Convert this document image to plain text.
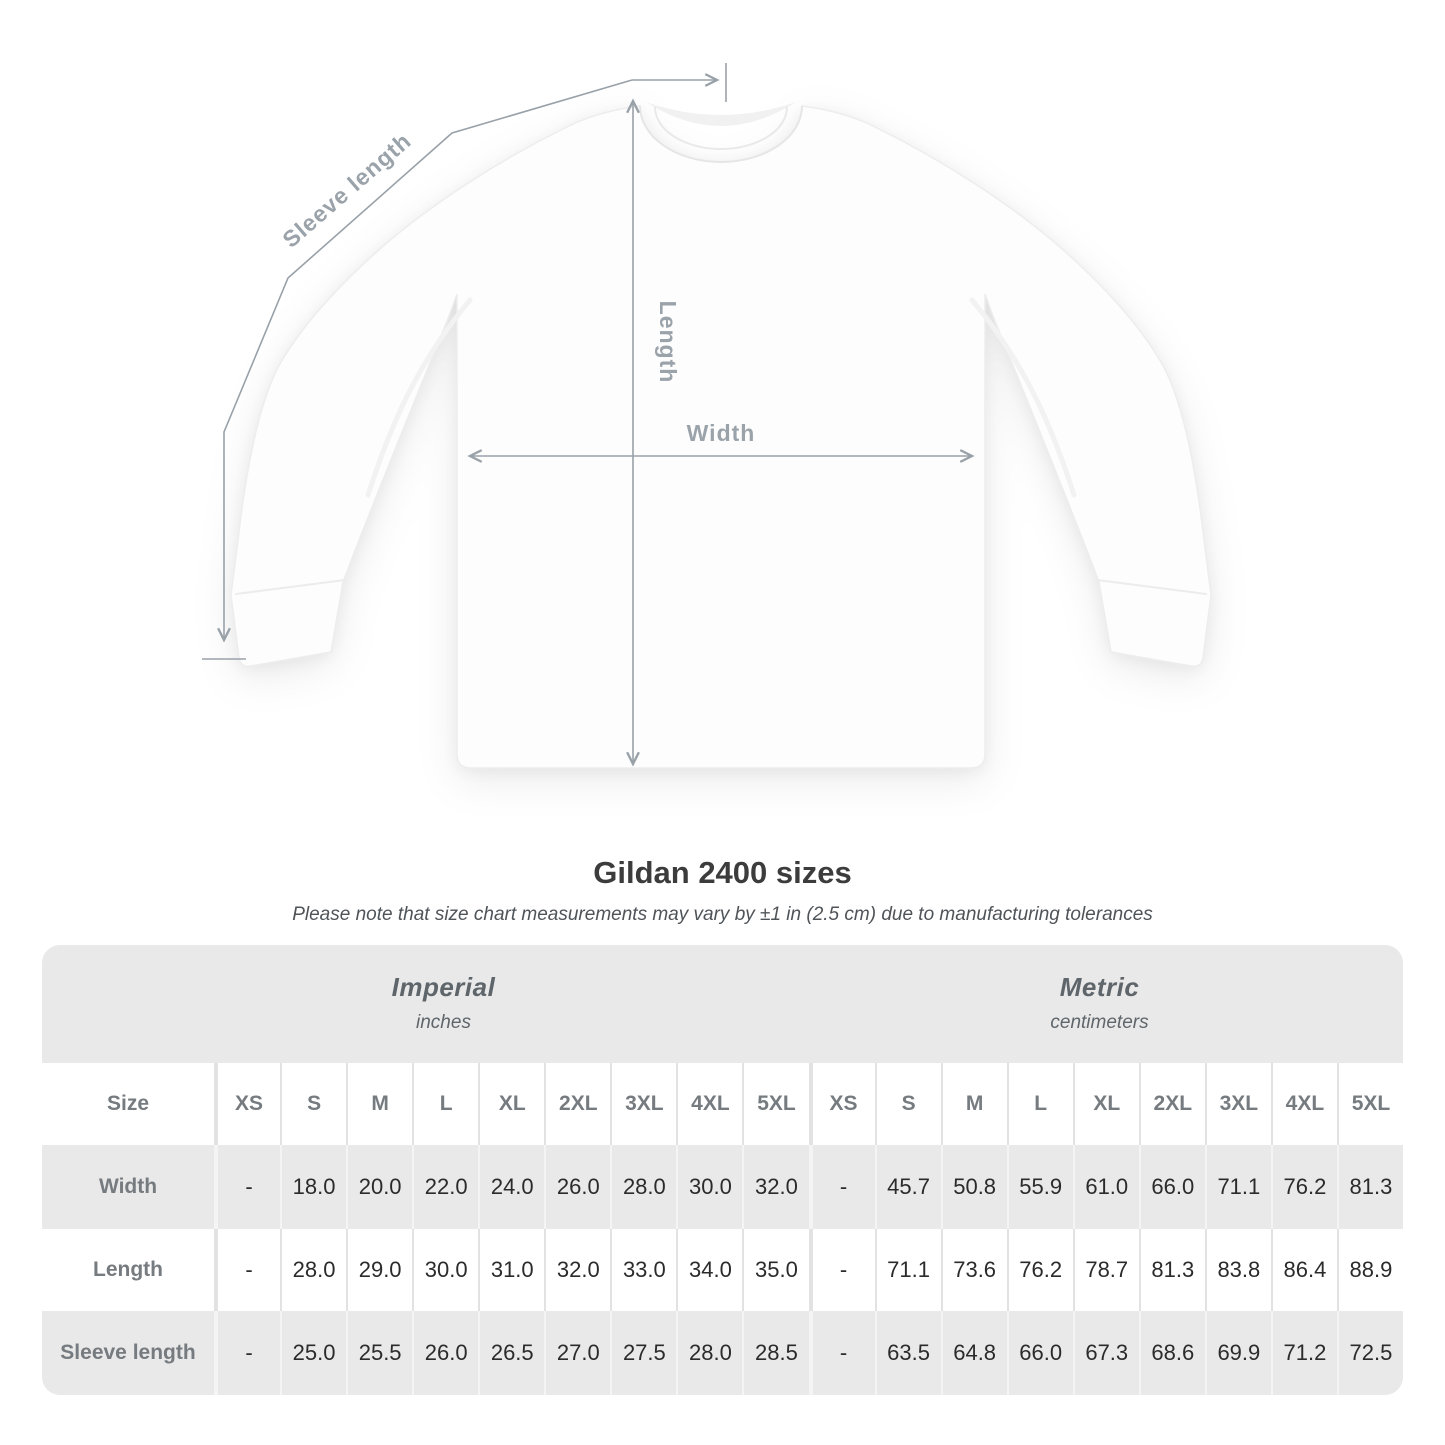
Sleeve length
Length
Width
Gildan 2400 sizes
Please note that size chart measurements may vary by ±1 in (2.5 cm) due to manufacturing tolerances
Imperial
inches
Metric
centimeters
Size	XS	S	M	L	XL	2XL	3XL	4XL	5XL	XS	S	M	L	XL	2XL	3XL	4XL	5XL
Width	-	18.0	20.0	22.0	24.0	26.0	28.0	30.0	32.0	-	45.7	50.8	55.9	61.0	66.0	71.1	76.2	81.3
Length	-	28.0	29.0	30.0	31.0	32.0	33.0	34.0	35.0	-	71.1	73.6	76.2	78.7	81.3	83.8	86.4	88.9
Sleeve length	-	25.0	25.5	26.0	26.5	27.0	27.5	28.0	28.5	-	63.5	64.8	66.0	67.3	68.6	69.9	71.2	72.5
